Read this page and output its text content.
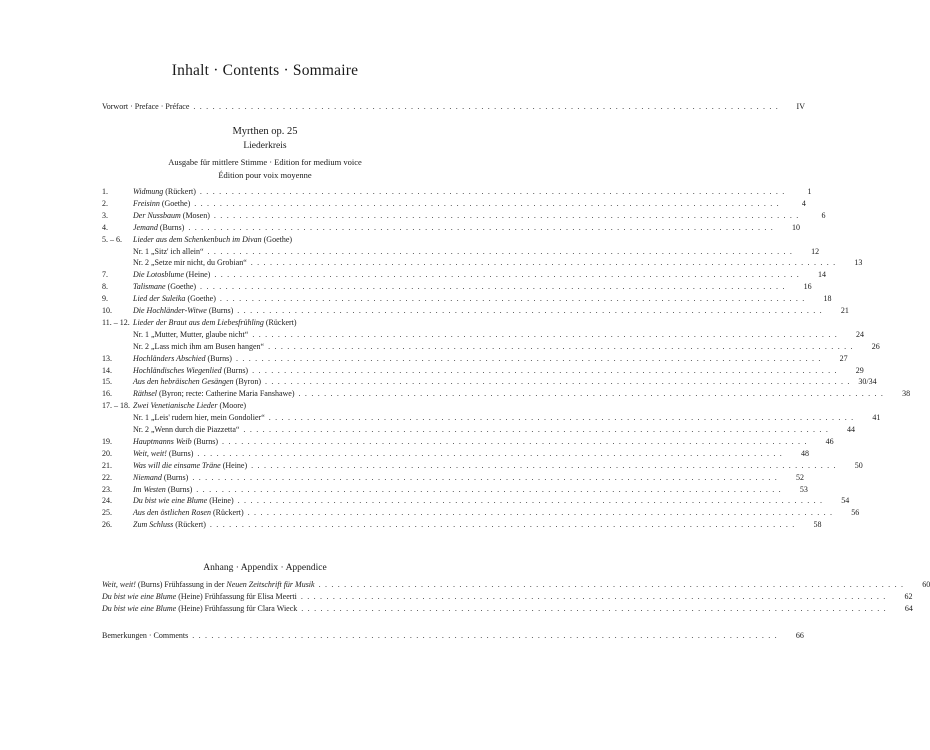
Inhalt · Contents · Sommaire
Vorwort · Preface · Préface . . . . . . . . . . . . . . . . . . . . . . . . . . . . . . . . . . . . . . . . . . . . . . . . . . . . . . . . . . . . . . . . . . . . . . . . . . . . . . . . . . . . . . . . . . . .	IV
Myrthen op. 25
Liederkreis
Ausgabe für mittlere Stimme · Edition for medium voice
Édition pour voix moyenne
1.	Widmung (Rückert) . . . . . . . . . . . . . . . . . . . . . . . . . . . . . . . . . . . . . . . . . . . . . . . . . . . . . . . . . . . . . . . . . . . . . . . . . . . . . . . . . . . . . . . . . . . .	1
2.	Freisinn (Goethe) . . . . . . . . . . . . . . . . . . . . . . . . . . . . . . . . . . . . . . . . . . . . . . . . . . . . . . . . . . . . . . . . . . . . . . . . . . . . . . . . . . . . . . . . . . . .	4
3.	Der Nussbaum (Mosen) . . . . . . . . . . . . . . . . . . . . . . . . . . . . . . . . . . . . . . . . . . . . . . . . . . . . . . . . . . . . . . . . . . . . . . . . . . . . . . . . . . . . . . . . . . . .	6
4.	Jemand (Burns) . . . . . . . . . . . . . . . . . . . . . . . . . . . . . . . . . . . . . . . . . . . . . . . . . . . . . . . . . . . . . . . . . . . . . . . . . . . . . . . . . . . . . . . . . . . .	10
5. – 6. Lieder aus dem Schenkenbuch im Divan (Goethe)
Nr. 1 „Sitz' ich allein“ . . . . . . . . . . . . . . . . . . . . . . . . . . . . . . . . . . . . . . . . . . . . . . . . . . . . . . . . . . . . . . . . . . . . . . . . . . . . . . . . . . . . . . . . . . . .	12
Nr. 2 „Setze mir nicht, du Grobian“ . . . . . . . . . . . . . . . . . . . . . . . . . . . . . . . . . . . . . . . . . . . . . . . . . . . . . . . . . . . . . . . . . . . . . . . . . . . . . . . . . . . . . . . . . . . .	13
7.	Die Lotosblume (Heine) . . . . . . . . . . . . . . . . . . . . . . . . . . . . . . . . . . . . . . . . . . . . . . . . . . . . . . . . . . . . . . . . . . . . . . . . . . . . . . . . . . . . . . . . . . . .	14
8.	Talismane (Goethe) . . . . . . . . . . . . . . . . . . . . . . . . . . . . . . . . . . . . . . . . . . . . . . . . . . . . . . . . . . . . . . . . . . . . . . . . . . . . . . . . . . . . . . . . . . . .	16
9.	Lied der Suleika (Goethe) . . . . . . . . . . . . . . . . . . . . . . . . . . . . . . . . . . . . . . . . . . . . . . . . . . . . . . . . . . . . . . . . . . . . . . . . . . . . . . . . . . . . . . . . . . . .	18
10.	Die Hochländer-Witwe (Burns) . . . . . . . . . . . . . . . . . . . . . . . . . . . . . . . . . . . . . . . . . . . . . . . . . . . . . . . . . . . . . . . . . . . . . . . . . . . . . . . . . . . . . . . . . . . .	21
11. – 12. Lieder der Braut aus dem Liebesfrühling (Rückert)
Nr. 1 „Mutter, Mutter, glaube nicht“ . . . . . . . . . . . . . . . . . . . . . . . . . . . . . . . . . . . . . . . . . . . . . . . . . . . . . . . . . . . . . . . . . . . . . . . . . . . . . . . . . . . . . . . . . . . .	24
Nr. 2 „Lass mich ihm am Busen hangen“ . . . . . . . . . . . . . . . . . . . . . . . . . . . . . . . . . . . . . . . . . . . . . . . . . . . . . . . . . . . . . . . . . . . . . . . . . . . . . . . . . . . . . . . . . . . .	26
13.	Hochländers Abschied (Burns) . . . . . . . . . . . . . . . . . . . . . . . . . . . . . . . . . . . . . . . . . . . . . . . . . . . . . . . . . . . . . . . . . . . . . . . . . . . . . . . . . . . . . . . . . . . .	27
14.	Hochländisches Wiegenlied (Burns) . . . . . . . . . . . . . . . . . . . . . . . . . . . . . . . . . . . . . . . . . . . . . . . . . . . . . . . . . . . . . . . . . . . . . . . . . . . . . . . . . . . . . . . . . . . .	29
15.	Aus den hebräischen Gesängen (Byron) . . . . . . . . . . . . . . . . . . . . . . . . . . . . . . . . . . . . . . . . . . . . . . . . . . . . . . . . . . . . . . . . . . . . . . . . . . . . . . . . . . . . . . . . . . . . 30/34
16.	Räthsel (Byron; recte: Catherine Maria Fanshawe) . . . . . . . . . . . . . . . . . . . . . . . . . . . . . . . . . . . . . . . . . . . . . . . . . . . . . . . . . . . . . . . . . . . . . . . . . . . . . . . . . . . . . . . . . . . .	38
17. – 18. Zwei Venetianische Lieder (Moore)
Nr. 1 „Leis' rudern hier, mein Gondolier“ . . . . . . . . . . . . . . . . . . . . . . . . . . . . . . . . . . . . . . . . . . . . . . . . . . . . . . . . . . . . . . . . . . . . . . . . . . . . . . . . . . . . . . . . . . . .	41
Nr. 2 „Wenn durch die Piazzetta“ . . . . . . . . . . . . . . . . . . . . . . . . . . . . . . . . . . . . . . . . . . . . . . . . . . . . . . . . . . . . . . . . . . . . . . . . . . . . . . . . . . . . . . . . . . . .	44
19.	Hauptmanns Weib (Burns) . . . . . . . . . . . . . . . . . . . . . . . . . . . . . . . . . . . . . . . . . . . . . . . . . . . . . . . . . . . . . . . . . . . . . . . . . . . . . . . . . . . . . . . . . . . .	46
20.	Weit, weit! (Burns) . . . . . . . . . . . . . . . . . . . . . . . . . . . . . . . . . . . . . . . . . . . . . . . . . . . . . . . . . . . . . . . . . . . . . . . . . . . . . . . . . . . . . . . . . . . .	48
21.	Was will die einsame Träne (Heine) . . . . . . . . . . . . . . . . . . . . . . . . . . . . . . . . . . . . . . . . . . . . . . . . . . . . . . . . . . . . . . . . . . . . . . . . . . . . . . . . . . . . . . . . . . . .	50
22.	Niemand (Burns) . . . . . . . . . . . . . . . . . . . . . . . . . . . . . . . . . . . . . . . . . . . . . . . . . . . . . . . . . . . . . . . . . . . . . . . . . . . . . . . . . . . . . . . . . . . .	52
23.	Im Westen (Burns) . . . . . . . . . . . . . . . . . . . . . . . . . . . . . . . . . . . . . . . . . . . . . . . . . . . . . . . . . . . . . . . . . . . . . . . . . . . . . . . . . . . . . . . . . . . .	53
24.	Du bist wie eine Blume (Heine) . . . . . . . . . . . . . . . . . . . . . . . . . . . . . . . . . . . . . . . . . . . . . . . . . . . . . . . . . . . . . . . . . . . . . . . . . . . . . . . . . . . . . . . . . . . .	54
25.	Aus den östlichen Rosen (Rückert) . . . . . . . . . . . . . . . . . . . . . . . . . . . . . . . . . . . . . . . . . . . . . . . . . . . . . . . . . . . . . . . . . . . . . . . . . . . . . . . . . . . . . . . . . . . .	56
26.	Zum Schluss (Rückert) . . . . . . . . . . . . . . . . . . . . . . . . . . . . . . . . . . . . . . . . . . . . . . . . . . . . . . . . . . . . . . . . . . . . . . . . . . . . . . . . . . . . . . . . . . . .	58
Anhang · Appendix · Appendice
Weit, weit! (Burns) Frühfassung in der Neuen Zeitschrift für Musik . . . . . . . . . . . . . . . . . . . . . . . . . . . . . . . . . . . . . . . . . . . . . . . . . . . . . . . . . . . . . . . . . . . . . . . . . . . . . . . . . . . . . . . . . . . .	60
Du bist wie eine Blume (Heine) Frühfassung für Elisa Meerti . . . . . . . . . . . . . . . . . . . . . . . . . . . . . . . . . . . . . . . . . . . . . . . . . . . . . . . . . . . . . . . . . . . . . . . . . . . . . . . . . . . . . . . . . . . .	62
Du bist wie eine Blume (Heine) Frühfassung für Clara Wieck . . . . . . . . . . . . . . . . . . . . . . . . . . . . . . . . . . . . . . . . . . . . . . . . . . . . . . . . . . . . . . . . . . . . . . . . . . . . . . . . . . . . . . . . . . . .	64
Bemerkungen · Comments . . . . . . . . . . . . . . . . . . . . . . . . . . . . . . . . . . . . . . . . . . . . . . . . . . . . . . . . . . . . . . . . . . . . . . . . . . . . . . . . . . . . . . . . . . . .	66
